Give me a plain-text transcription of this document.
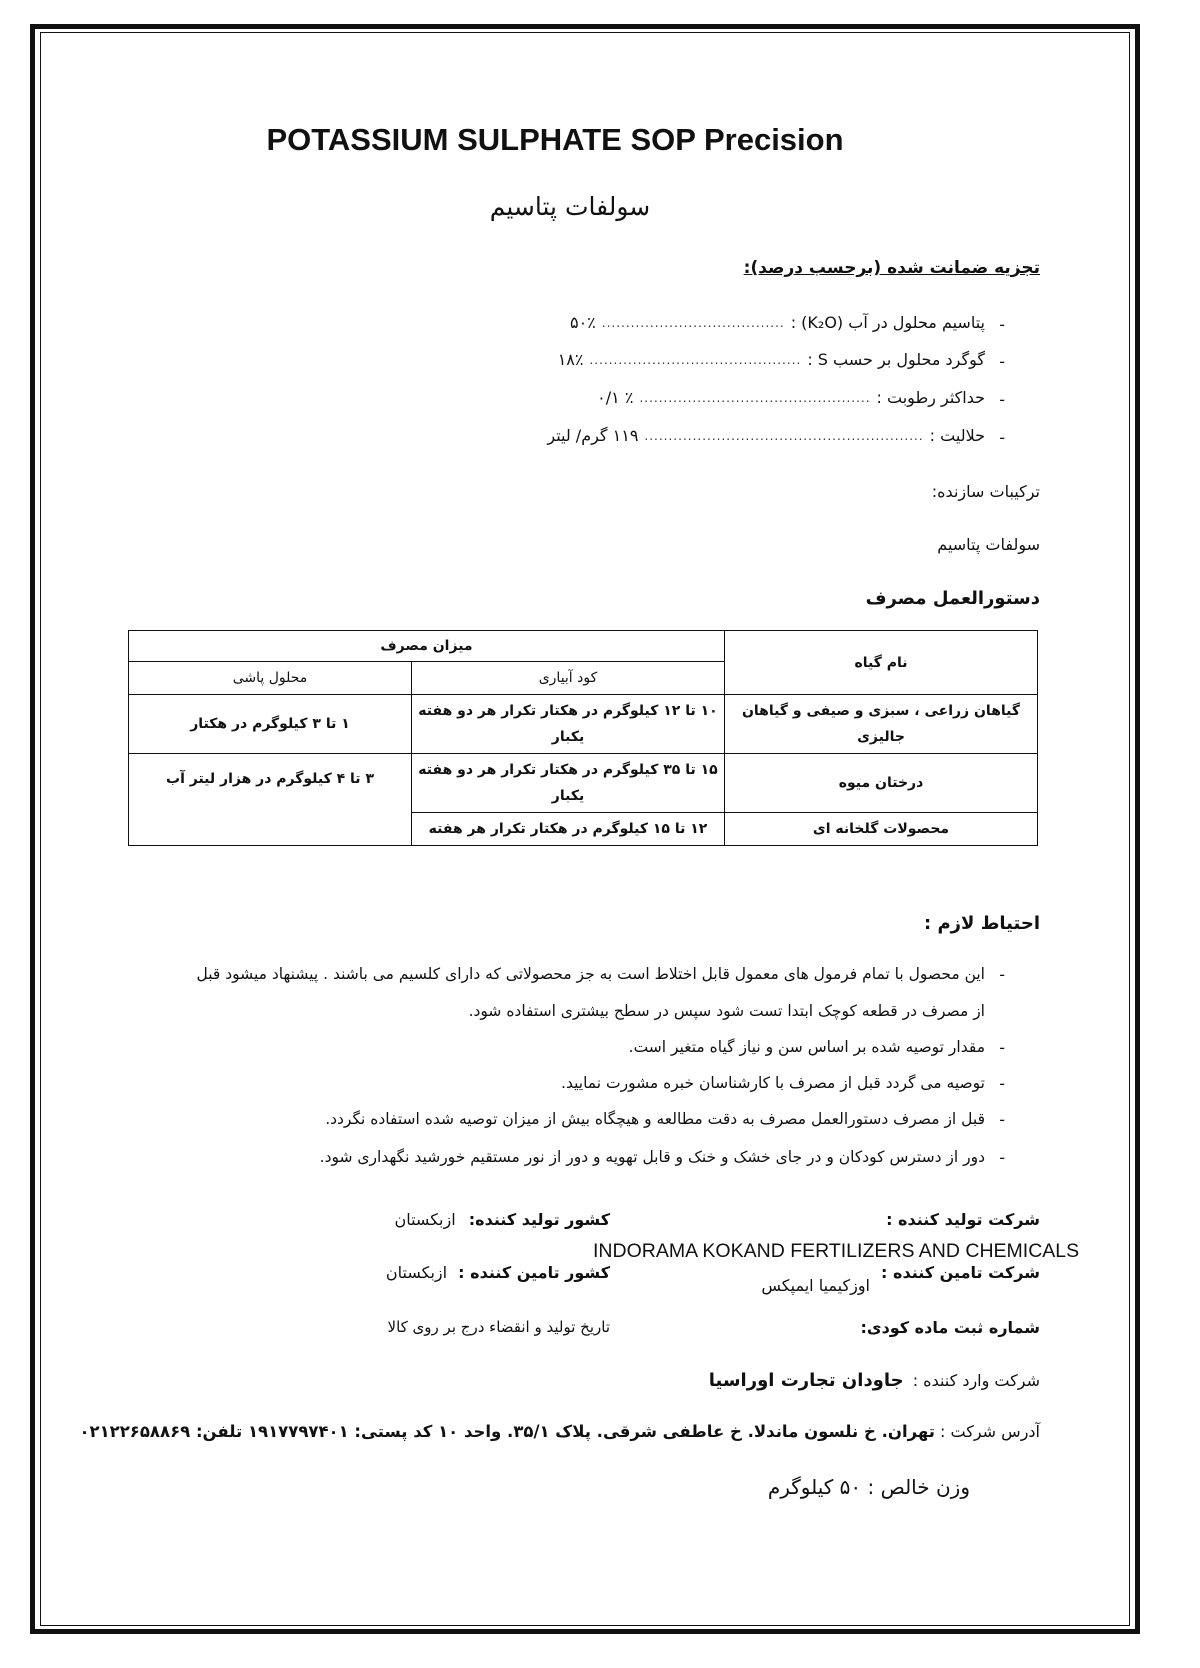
POTASSIUM SULPHATE SOP Precision
سولفات پتاسیم
تجزیه ضمانت شده (برحسب درصد):
-
پتاسیم محلول در آب (K₂O) :
......................................
۵۰٪
-
گوگرد محلول بر حسب S :
............................................
۱۸٪
-
حداکثر رطوبت :
................................................
٪ ۰/۱
-
حلالیت :
..........................................................
۱۱۹ گرم/ لیتر
ترکیبات سازنده:
سولفات پتاسیم
دستورالعمل مصرف
نام گیاه	میزان مصرف	
	کود آبیاری	محلول پاشی
گیاهان زراعی ، سبزی و صیفی و گیاهان جالیزی	۱۰ تا ۱۲ کیلوگرم در هکتار تکرار هر دو هفته یکبار	۱ تا ۳ کیلوگرم در هکتار
درختان میوه	۱۵ تا ۳۵ کیلوگرم در هکتار تکرار هر دو هفته یکبار	۳ تا ۴ کیلوگرم در هزار لیتر آب
محصولات گلخانه ای	۱۲ تا ۱۵ کیلوگرم در هکتار تکرار هر هفته	
احتیاط لازم :
-
این محصول با تمام فرمول های معمول قابل اختلاط است به جز محصولاتی که دارای کلسیم می باشند . پیشنهاد میشود قبل
از مصرف در قطعه کوچک ابتدا تست شود سپس در سطح بیشتری استفاده شود.
-
مقدار توصیه شده بر اساس سن و نیاز گیاه متغیر است.
-
توصیه می گردد قبل از مصرف با کارشناسان خبره مشورت نمایید.
-
قبل از مصرف دستورالعمل مصرف به دقت مطالعه و هیچگاه بیش از میزان توصیه شده استفاده نگردد.
-
دور از دسترس کودکان و در جای خشک و خنک و قابل تهویه و دور از نور مستقیم خورشید نگهداری شود.
شرکت تولید کننده :
INDORAMA KOKAND FERTILIZERS AND CHEMICALS
کشور تولید کننده: ازبکستان
شرکت تامین کننده :
اوزکیمیا ایمپکس
کشور تامین کننده : ازبکستان
شماره ثبت ماده کودی:
تاریخ تولید و انقضاء درج بر روی کالا
شرکت وارد کننده : جاودان تجارت اوراسیا
آدرس شرکت : تهران. خ نلسون ماندلا. خ عاطفی شرقی. پلاک ۳۵/۱. واحد ۱۰ کد پستی: ۱۹۱۷۷۹۷۴۰۱ تلفن: ۰۲۱۲۲۶۵۸۸۶۹
وزن خالص : ۵۰ کیلوگرم
